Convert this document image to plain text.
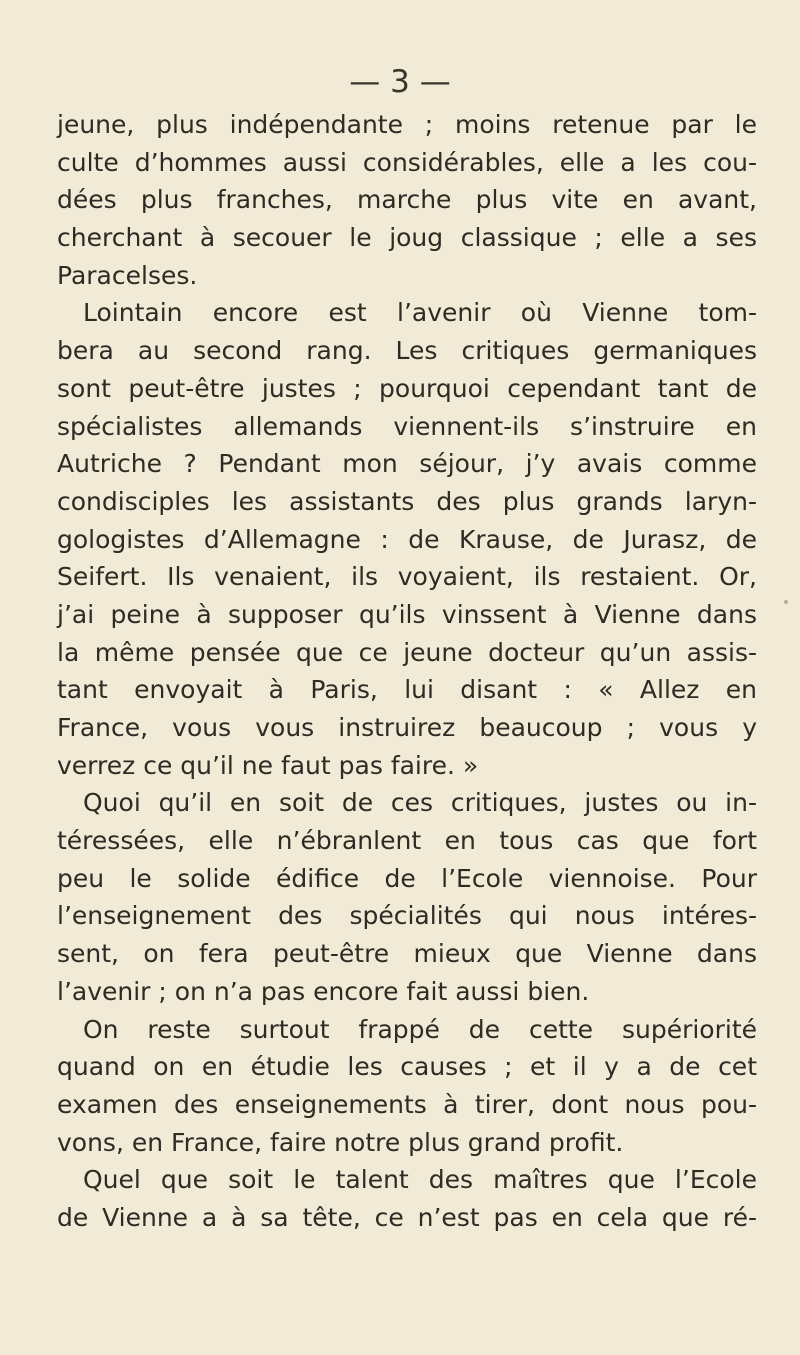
— 3 —
jeune, plus indépendante ; moins retenue par le
culte d’hommes aussi considérables, elle a les cou-
dées plus franches, marche plus vite en avant,
cherchant à secouer le joug classique ; elle a ses
Paracelses.
Lointain encore est l’avenir où Vienne tom-
bera au second rang. Les critiques germaniques
sont peut-être justes ; pourquoi cependant tant de
spécialistes allemands viennent-ils s’instruire en
Autriche ? Pendant mon séjour, j’y avais comme
condisciples les assistants des plus grands laryn-
gologistes d’Allemagne : de Krause, de Jurasz, de
Seifert. Ils venaient, ils voyaient, ils restaient. Or,
j’ai peine à supposer qu’ils vinssent à Vienne dans
la même pensée que ce jeune docteur qu’un assis-
tant envoyait à Paris, lui disant : « Allez en
France, vous vous instruirez beaucoup ; vous y
verrez ce qu’il ne faut pas faire. »
Quoi qu’il en soit de ces critiques, justes ou in-
téressées, elle n’ébranlent en tous cas que fort
peu le solide édifice de l’Ecole viennoise. Pour
l’enseignement des spécialités qui nous intéres-
sent, on fera peut-être mieux que Vienne dans
l’avenir ; on n’a pas encore fait aussi bien.
On reste surtout frappé de cette supériorité
quand on en étudie les causes ; et il y a de cet
examen des enseignements à tirer, dont nous pou-
vons, en France, faire notre plus grand profit.
Quel que soit le talent des maîtres que l’Ecole
de Vienne a à sa tête, ce n’est pas en cela que ré-
